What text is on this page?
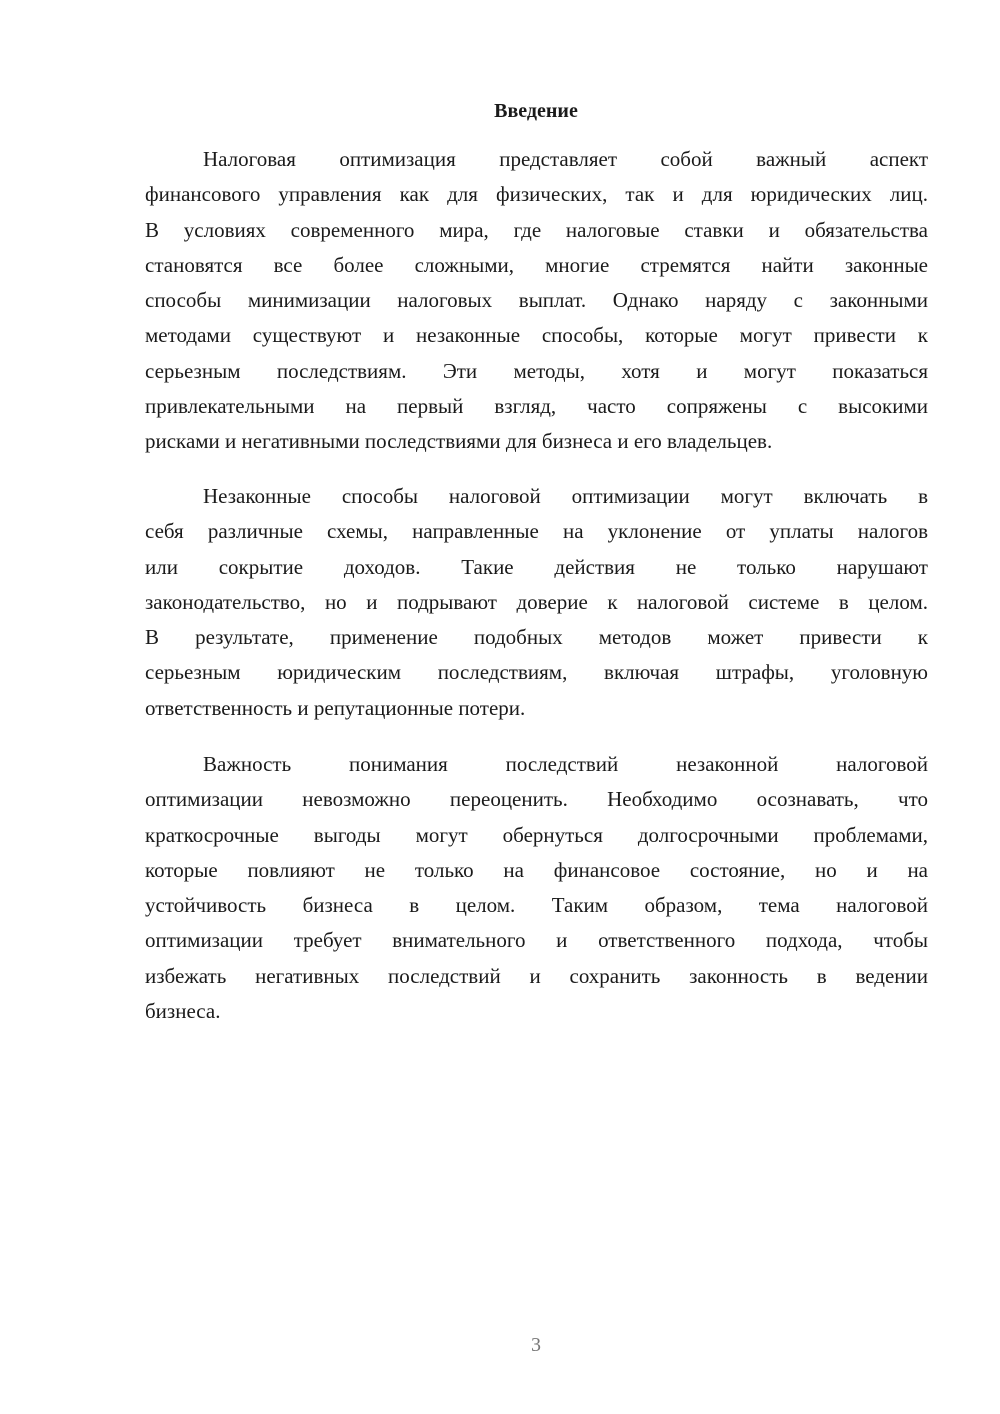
Введение
Налоговая оптимизация представляет собой важный аспект
финансового управления как для физических, так и для юридических лиц.
В условиях современного мира, где налоговые ставки и обязательства
становятся все более сложными, многие стремятся найти законные
способы минимизации налоговых выплат. Однако наряду с законными
методами существуют и незаконные способы, которые могут привести к
серьезным последствиям. Эти методы, хотя и могут показаться
привлекательными на первый взгляд, часто сопряжены с высокими
рисками и негативными последствиями для бизнеса и его владельцев.
Незаконные способы налоговой оптимизации могут включать в
себя различные схемы, направленные на уклонение от уплаты налогов
или сокрытие доходов. Такие действия не только нарушают
законодательство, но и подрывают доверие к налоговой системе в целом.
В результате, применение подобных методов может привести к
серьезным юридическим последствиям, включая штрафы, уголовную
ответственность и репутационные потери.
Важность понимания последствий незаконной налоговой
оптимизации невозможно переоценить. Необходимо осознавать, что
краткосрочные выгоды могут обернуться долгосрочными проблемами,
которые повлияют не только на финансовое состояние, но и на
устойчивость бизнеса в целом. Таким образом, тема налоговой
оптимизации требует внимательного и ответственного подхода, чтобы
избежать негативных последствий и сохранить законность в ведении
бизнеса.
3
